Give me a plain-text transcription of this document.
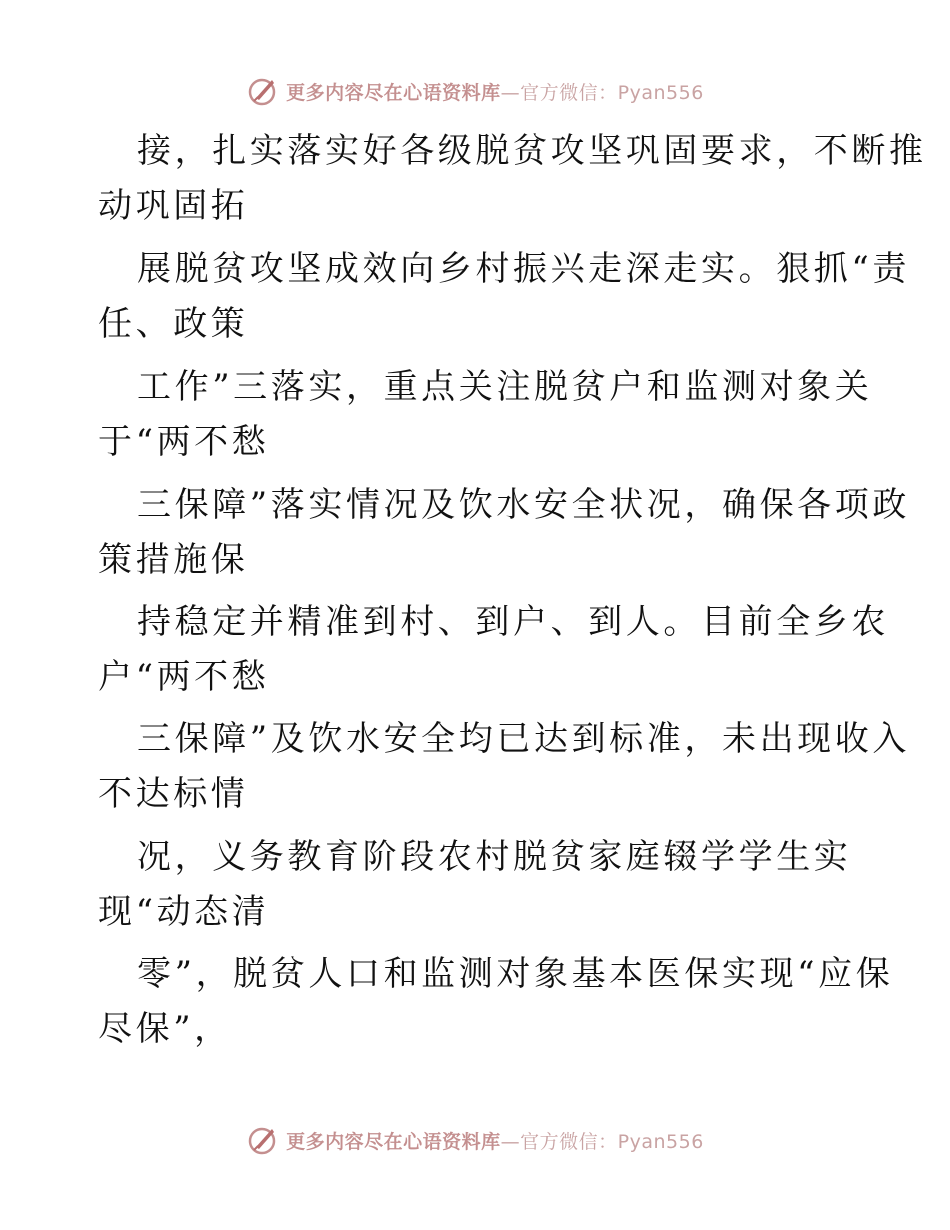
更多内容尽在心语资料库—官方微信：Pyan556
接，扎实落实好各级脱贫攻坚巩固要求，不断推
动巩固拓
展脱贫攻坚成效向乡村振兴走深走实。狠抓“责
任、政策
工作”三落实，重点关注脱贫户和监测对象关
于“两不愁
三保障”落实情况及饮水安全状况，确保各项政
策措施保
持稳定并精准到村、到户、到人。目前全乡农
户“两不愁
三保障”及饮水安全均已达到标准，未出现收入
不达标情
况，义务教育阶段农村脱贫家庭辍学学生实
现“动态清
零”，脱贫人口和监测对象基本医保实现“应保
尽保”，
更多内容尽在心语资料库—官方微信：Pyan556
